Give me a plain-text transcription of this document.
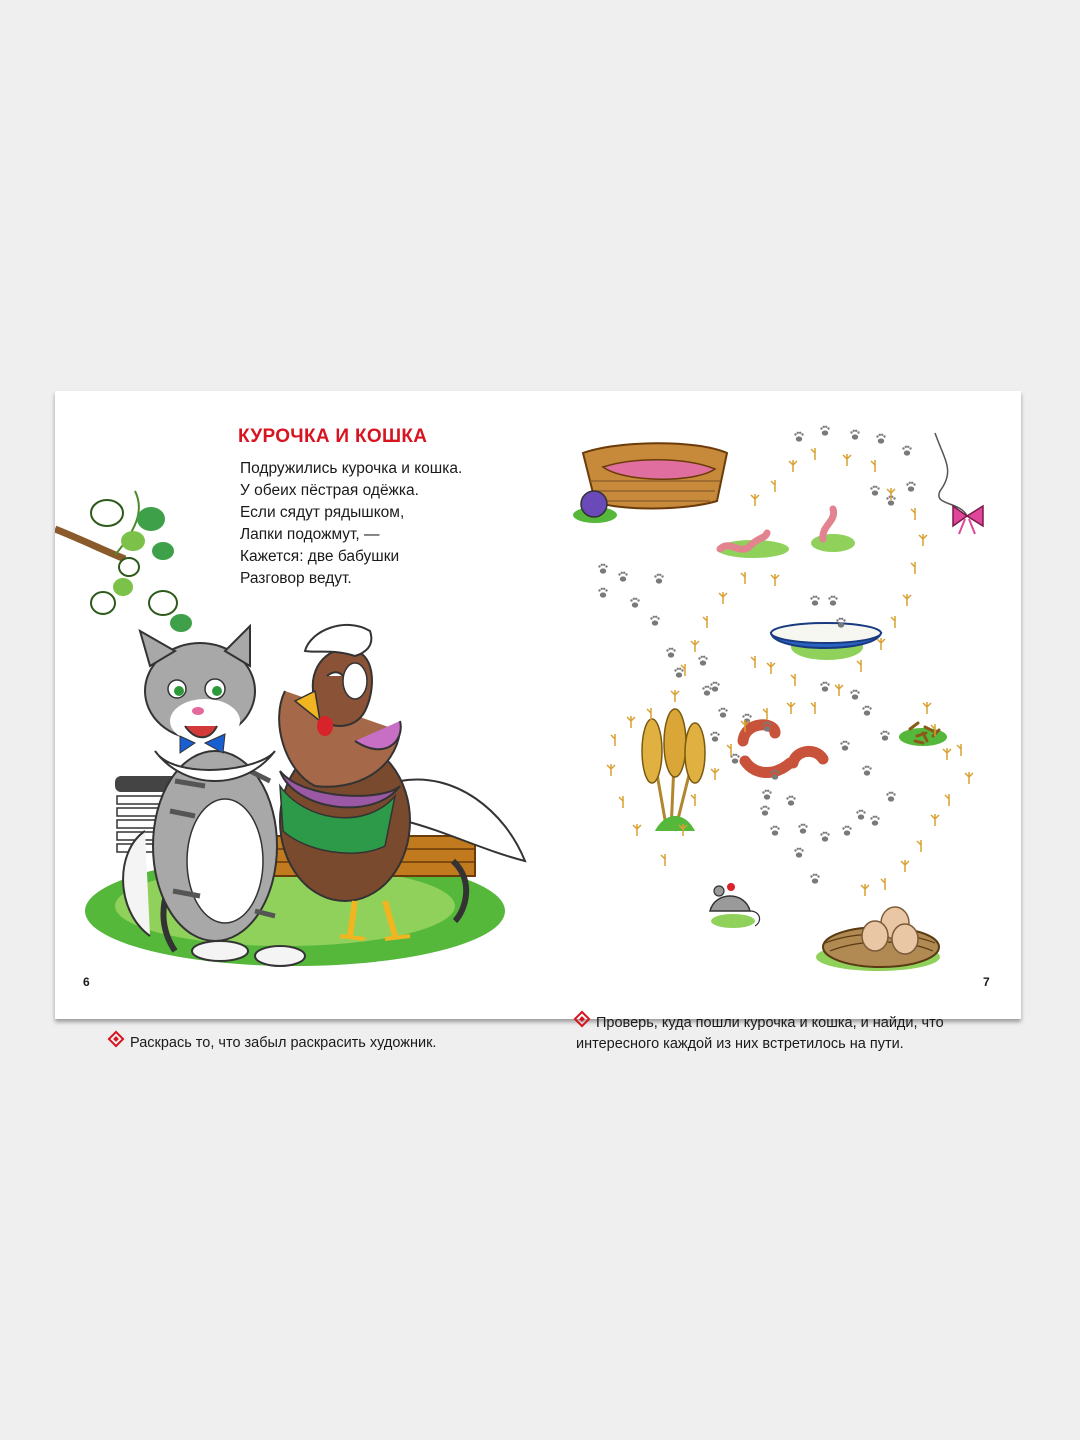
КУРОЧКА И КОШКА
Подружились курочка и кошка.
У обеих пёстрая одёжка.
Если сядут рядышком,
Лапки подожмут, —
Кажется: две бабушки
Разговор ведут.
Раскрась то, что забыл раскрасить художник.
Проверь, куда пошли курочка и кошка, и найди, что
интересного каждой из них встретилось на пути.
6	7
